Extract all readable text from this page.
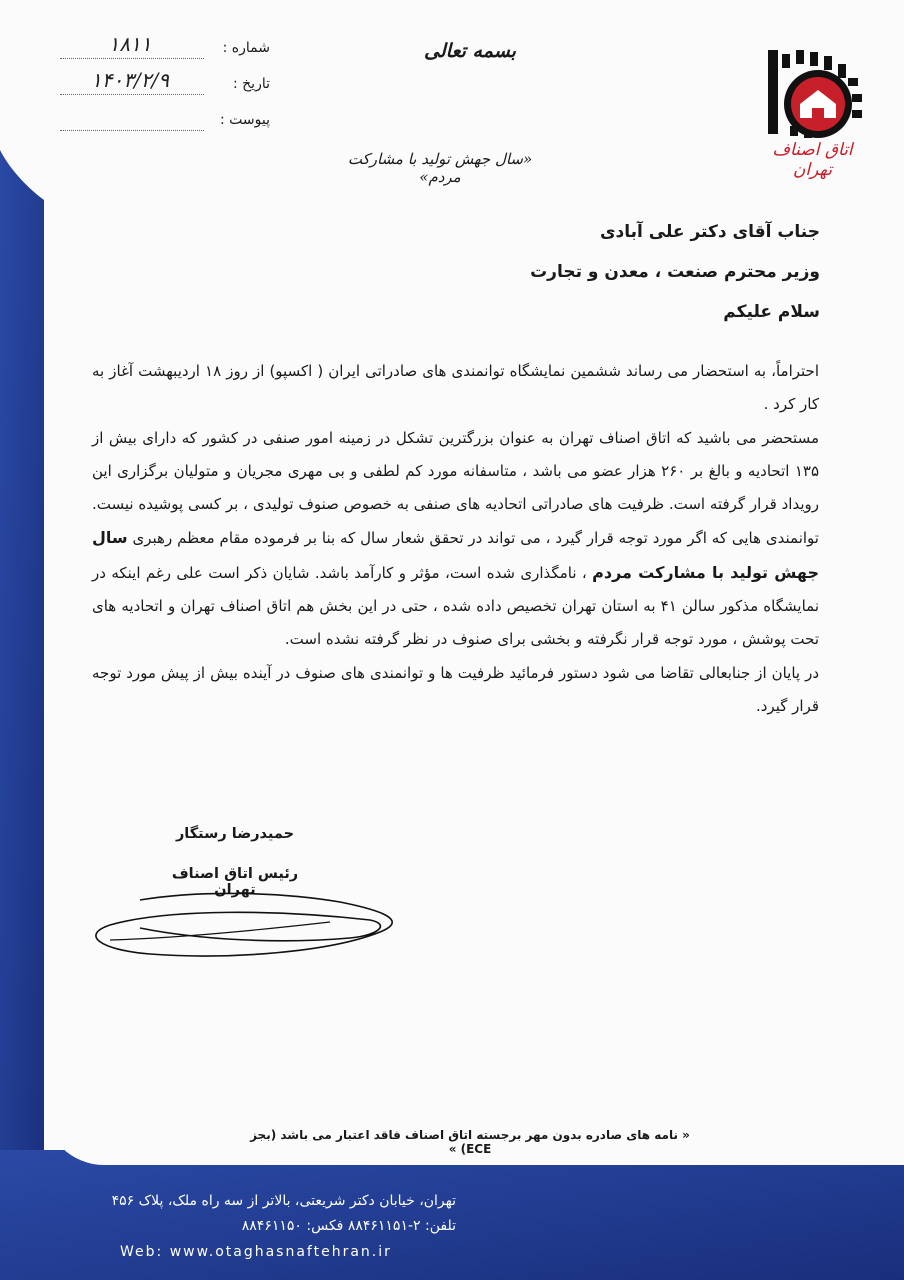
اتاق اصناف تهران
بسمه تعالی
«سال جهش تولید با مشارکت مردم»
شماره :
۱۸۱۱
تاریخ :
۱۴۰۳/۲/۹
پیوست :
جناب آقای دکتر علی آبادی
وزیر محترم صنعت ، معدن و تجارت
سلام علیکم

احتراماً، به استحضار می رساند ششمین نمایشگاه توانمندی های صادراتی ایران ( اکسپو) از روز ۱۸ اردیبهشت آغاز به کار کرد .

مستحضر می باشید که اتاق اصناف تهران به عنوان بزرگترین تشکل در زمینه امور صنفی در کشور که دارای بیش از ۱۳۵ اتحادیه و بالغ بر ۲۶۰ هزار عضو می باشد ، متاسفانه مورد کم لطفی و بی مهری مجریان و متولیان برگزاری این رویداد قرار گرفته است. ظرفیت های صادراتی اتحادیه های صنفی به خصوص صنوف تولیدی ، بر کسی پوشیده نیست. توانمندی هایی که اگر مورد توجه قرار گیرد ، می تواند در تحقق شعار سال که بنا بر فرموده مقام معظم رهبری سال جهش تولید با مشارکت مردم ، نامگذاری شده است، مؤثر و کارآمد باشد. شایان ذکر است علی رغم اینکه در نمایشگاه مذکور سالن ۴۱ به استان تهران تخصیص داده شده ، حتی در این بخش هم اتاق اصناف تهران و اتحادیه های تحت پوشش ، مورد توجه قرار نگرفته و بخشی برای صنوف در نظر گرفته نشده است.

در پایان از جنابعالی تقاضا می شود دستور فرمائید ظرفیت ها و توانمندی های صنوف در آینده بیش از پیش مورد توجه قرار گیرد.

حمیدرضا رستگار
رئیس اتاق اصناف تهران
« نامه های صادره بدون مهر برجسته اتاق اصناف فاقد اعتبار می باشد (بجز ECE) »
تهران، خیابان دکتر شریعتی، بالاتر از سه راه ملک، پلاک ۴۵۶
تلفن: ۲-۸۸۴۶۱۱۵۱ فکس: ۸۸۴۶۱۱۵۰
Web: www.otaghasnaftehran.ir
